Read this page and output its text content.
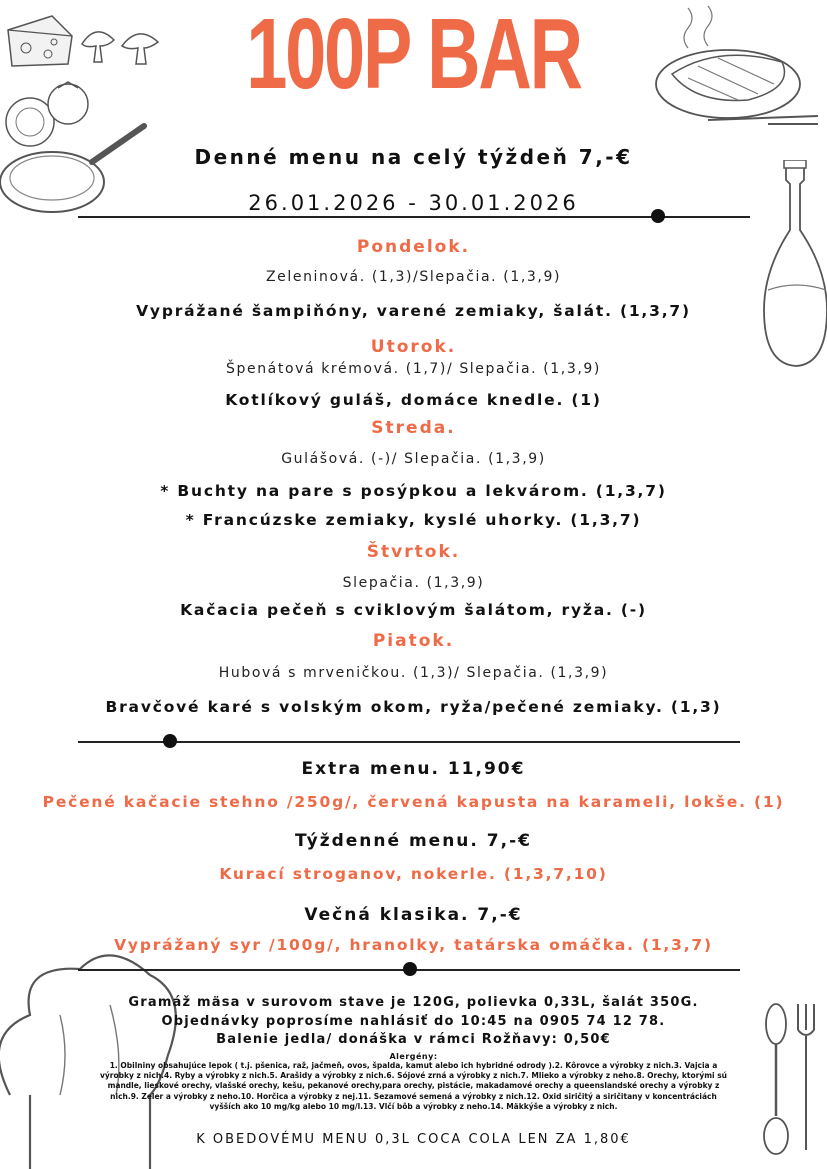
100P BAR
Denné menu na celý týždeň 7,-€
26.01.2026 - 30.01.2026
Pondelok.
Zeleninová. (1,3)/Slepačia. (1,3,9)
Vyprážané šampiňóny, varené zemiaky, šalát. (1,3,7)
Utorok.
Špenátová krémová. (1,7)/ Slepačia. (1,3,9)
Kotlíkový guláš, domáce knedle. (1)
Streda.
Gulášová. (-)/ Slepačia. (1,3,9)
* Buchty na pare s posýpkou a lekvárom. (1,3,7)
* Francúzske zemiaky, kyslé uhorky. (1,3,7)
Štvrtok.
Slepačia. (1,3,9)
Kačacia pečeň s cviklovým šalátom, ryža. (-)
Piatok.
Hubová s mrveničkou. (1,3)/ Slepačia. (1,3,9)
Bravčové karé s volským okom, ryža/pečené zemiaky. (1,3)
Extra menu. 11,90€
Pečené kačacie stehno /250g/, červená kapusta na karameli, lokše. (1)
Týždenné menu. 7,-€
Kurací stroganov, nokerle. (1,3,7,10)
Večná klasika. 7,-€
Vyprážaný syr /100g/, hranolky, tatárska omáčka. (1,3,7)
Gramáž mäsa v surovom stave je 120G, polievka 0,33L, šalát 350G.
Objednávky poprosíme nahlásiť do 10:45 na 0905 74 12 78.
Balenie jedla/ donáška v rámci Rožňavy: 0,50€
Alergény:
1. Obilniny obsahujúce lepok ( t.j. pšenica, raž, jačmeň, ovos, špalda, kamut alebo ich hybridné odrody ).2. Kôrovce a výrobky z nich.3. Vajcia a výrobky z nich.4. Ryby a výrobky z nich.5. Arašidy a výrobky z nich.6. Sójové zrná a výrobky z nich.7. Mlieko a výrobky z neho.8. Orechy, ktorými sú mandle, lieskové orechy, vlašské orechy, kešu, pekanové orechy,para orechy, pistácie, makadamové orechy a queenslandské orechy a výrobky z nich.9. Zeler a výrobky z neho.10. Horčica a výrobky z nej.11. Sezamové semená a výrobky z nich.12. Oxid siričitý a siričitany v koncentráciách vyšších ako 10 mg/kg alebo 10 mg/l.13. Vlčí bôb a výrobky z neho.14. Mäkkýše a výrobky z nich.
K OBEDOVÉMU MENU 0,3L COCA COLA LEN ZA 1,80€
